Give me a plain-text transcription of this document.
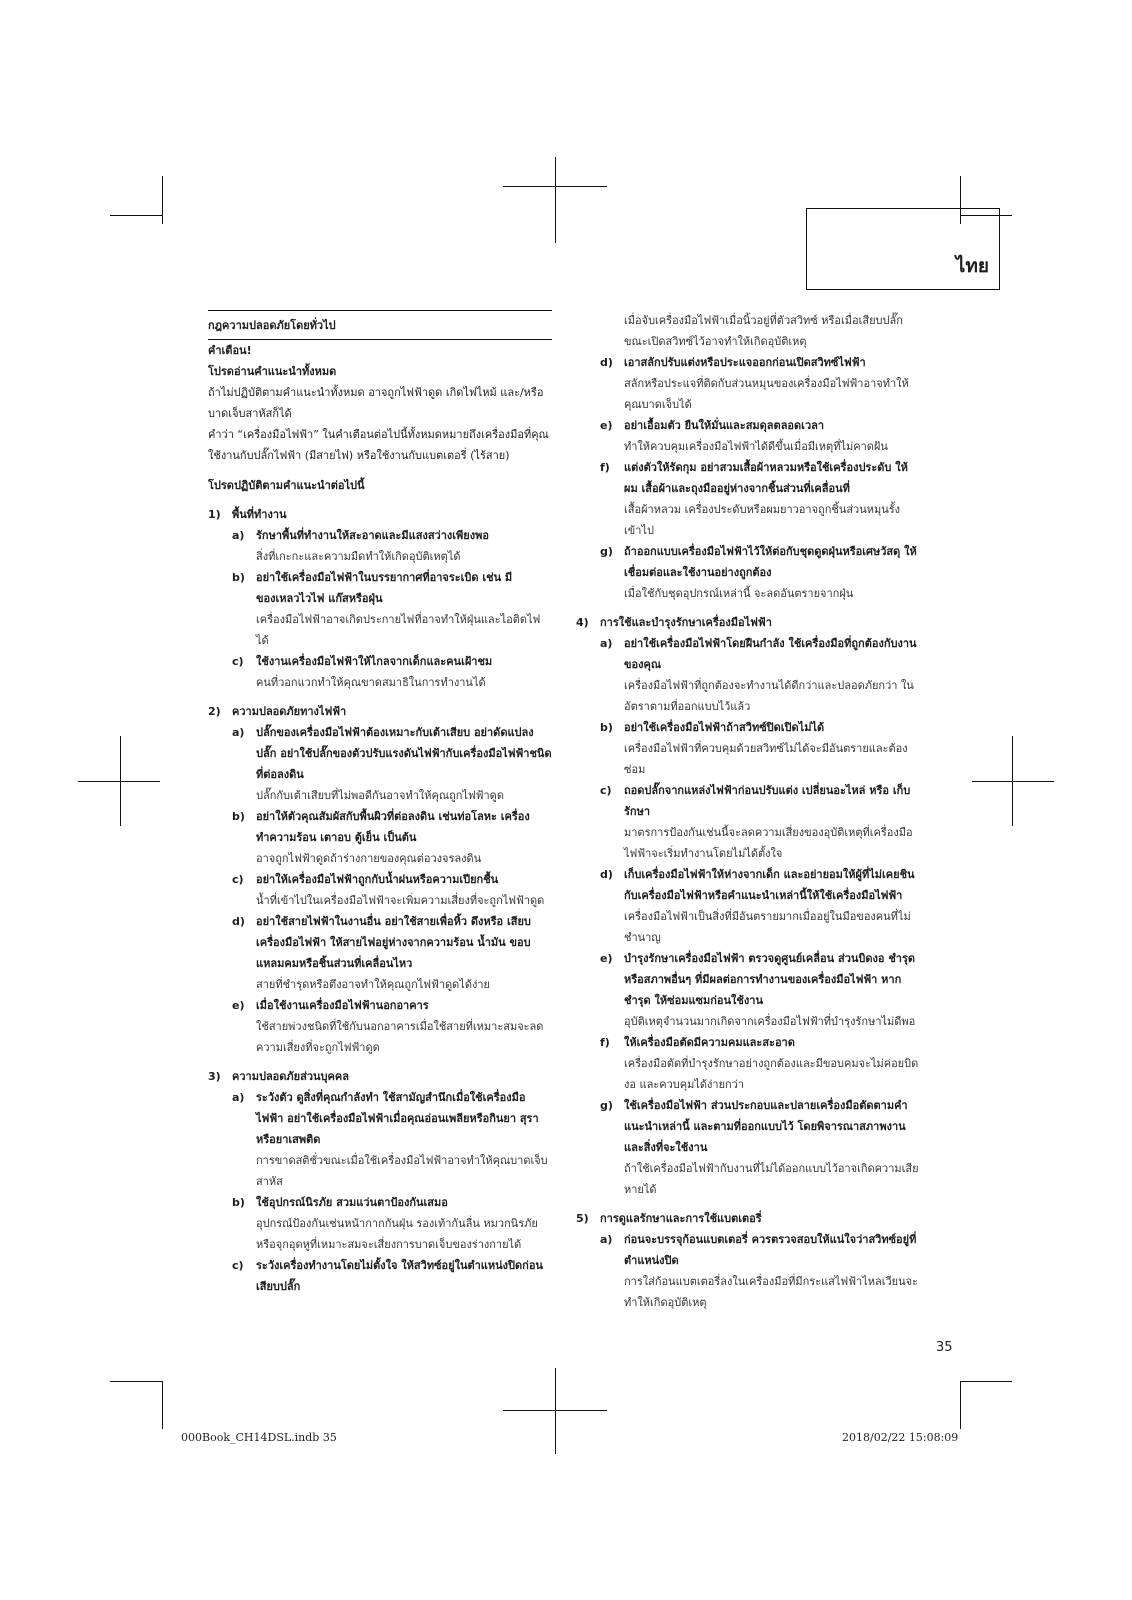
ไทย

กฎความปลอดภัยโดยทั่วไป

คำเตือน!

โปรดอ่านคำแนะนำทั้งหมด

ถ้าไม่ปฏิบัติตามคำแนะนำทั้งหมด อาจถูกไฟฟ้าดูด เกิดไฟไหม้ และ/หรือบาดเจ็บสาหัสก็ได้

คำว่า “เครื่องมือไฟฟ้า” ในคำเตือนต่อไปนี้ทั้งหมดหมายถึงเครื่องมือที่คุณใช้งานกับปลั๊กไฟฟ้า (มีสายไฟ) หรือใช้งานกับแบตเตอรี่ (ไร้สาย)

โปรดปฏิบัติตามคำแนะนำต่อไปนี้

1) พื้นที่ทำงาน

a) รักษาพื้นที่ทำงานให้สะอาดและมีแสงสว่างเพียงพอ

สิ่งที่เกะกะและความมืดทำให้เกิดอุบัติเหตุได้

b) อย่าใช้เครื่องมือไฟฟ้าในบรรยากาศที่อาจระเบิด เช่น มีของเหลวไวไฟ แก๊สหรือฝุ่น

เครื่องมือไฟฟ้าอาจเกิดประกายไฟที่อาจทำให้ฝุ่นและไอติดไฟได้

c) ใช้งานเครื่องมือไฟฟ้าให้ไกลจากเด็กและคนเฝ้าชม

คนที่วอกแวกทำให้คุณขาดสมาธิในการทำงานได้

2) ความปลอดภัยทางไฟฟ้า

a) ปลั๊กของเครื่องมือไฟฟ้าต้องเหมาะกับเต้าเสียบ อย่าดัดแปลงปลั๊ก อย่าใช้ปลั๊กของตัวปรับแรงดันไฟฟ้ากับเครื่องมือไฟฟ้าชนิดที่ต่อลงดิน

ปลั๊กกับเต้าเสียบที่ไม่พอดีกันอาจทำให้คุณถูกไฟฟ้าดูด

b) อย่าให้ตัวคุณสัมผัสกับพื้นผิวที่ต่อลงดิน เช่นท่อโลหะ เครื่องทำความร้อน เตาอบ ตู้เย็น เป็นต้น

อาจถูกไฟฟ้าดูดถ้าร่างกายของคุณต่อวงจรลงดิน

c) อย่าให้เครื่องมือไฟฟ้าถูกกับน้ำฝนหรือความเปียกชื้น

น้ำที่เข้าไปในเครื่องมือไฟฟ้าจะเพิ่มความเสี่ยงที่จะถูกไฟฟ้าดูด

d) อย่าใช้สายไฟฟ้าในงานอื่น อย่าใช้สายเพื่อหิ้ว ดึงหรือ เสียบเครื่องมือไฟฟ้า ให้สายไฟอยู่ห่างจากความร้อน น้ำมัน ขอบแหลมคมหรือชิ้นส่วนที่เคลื่อนไหว

สายที่ชำรุดหรือตึงอาจทำให้คุณถูกไฟฟ้าดูดได้ง่าย

e) เมื่อใช้งานเครื่องมือไฟฟ้านอกอาคาร

ใช้สายพ่วงชนิดที่ใช้กับนอกอาคารเมื่อใช้สายที่เหมาะสมจะลดความเสี่ยงที่จะถูกไฟฟ้าดูด

3) ความปลอดภัยส่วนบุคคล

a) ระวังตัว ดูสิ่งที่คุณกำลังทำ ใช้สามัญสำนึกเมื่อใช้เครื่องมือไฟฟ้า อย่าใช้เครื่องมือไฟฟ้าเมื่อคุณอ่อนเพลียหรือกินยา สุรา หรือยาเสพติด

การขาดสติชั่วขณะเมื่อใช้เครื่องมือไฟฟ้าอาจทำให้คุณบาดเจ็บสาหัส

b) ใช้อุปกรณ์นิรภัย สวมแว่นตาป้องกันเสมอ

อุปกรณ์ป้องกันเช่นหน้ากากกันฝุ่น รองเท้ากันลื่น หมวกนิรภัยหรือจุกอุดหูที่เหมาะสมจะเสี่ยงการบาดเจ็บของร่างกายได้

c) ระวังเครื่องทำงานโดยไม่ตั้งใจ ให้สวิทซ์อยู่ในตำแหน่งปิดก่อนเสียบปลั๊ก

เมื่อจับเครื่องมือไฟฟ้าเมื่อนิ้วอยู่ที่ตัวสวิทซ์ หรือเมื่อเสียบปลั๊กขณะเปิดสวิทซ์ไว้อาจทำให้เกิดอุบัติเหตุ

d) เอาสลักปรับแต่งหรือประแจออกก่อนเปิดสวิทซ์ไฟฟ้า

สลักหรือประแจที่ติดกับส่วนหมุนของเครื่องมือไฟฟ้าอาจทำให้คุณบาดเจ็บได้

e) อย่าเอื้อมตัว ยืนให้มั่นและสมดุลตลอดเวลา

ทำให้ควบคุมเครื่องมือไฟฟ้าได้ดีขึ้นเมื่อมีเหตุที่ไม่คาดฝัน

f) แต่งตัวให้รัดกุม อย่าสวมเสื้อผ้าหลวมหรือใช้เครื่องประดับ ให้ผม เสื้อผ้าและถุงมืออยู่ห่างจากชิ้นส่วนที่เคลื่อนที่

เสื้อผ้าหลวม เครื่องประดับหรือผมยาวอาจถูกชิ้นส่วนหมุนรั้งเข้าไป

g) ถ้าออกแบบเครื่องมือไฟฟ้าไว้ให้ต่อกับชุดดูดฝุ่นหรือเศษวัสดุ ให้เชื่อมต่อและใช้งานอย่างถูกต้อง

เมื่อใช้กับชุดอุปกรณ์เหล่านี้ จะลดอันตรายจากฝุ่น

4) การใช้และบำรุงรักษาเครื่องมือไฟฟ้า

a) อย่าใช้เครื่องมือไฟฟ้าโดยฝืนกำลัง ใช้เครื่องมือที่ถูกต้องกับงานของคุณ

เครื่องมือไฟฟ้าที่ถูกต้องจะทำงานได้ดีกว่าและปลอดภัยกว่า ในอัตราตามที่ออกแบบไว้แล้ว

b) อย่าใช้เครื่องมือไฟฟ้าถ้าสวิทซ์ปิดเปิดไม่ได้

เครื่องมือไฟฟ้าที่ควบคุมด้วยสวิทซ์ไม่ได้จะมีอันตรายและต้องซ่อม

c) ถอดปลั๊กจากแหล่งไฟฟ้าก่อนปรับแต่ง เปลี่ยนอะไหล่ หรือ เก็บรักษา

มาตรการป้องกันเช่นนี้จะลดความเสี่ยงของอุบัติเหตุที่เครื่องมือไฟฟ้าจะเริ่มทำงานโดยไม่ได้ตั้งใจ

d) เก็บเครื่องมือไฟฟ้าให้ห่างจากเด็ก และอย่ายอมให้ผู้ที่ไม่เคยชินกับเครื่องมือไฟฟ้าหรือคำแนะนำเหล่านี้ให้ใช้เครื่องมือไฟฟ้า

เครื่องมือไฟฟ้าเป็นสิ่งที่มีอันตรายมากเมื่ออยู่ในมือของคนที่ไม่ชำนาญ

e) บำรุงรักษาเครื่องมือไฟฟ้า ตรวจดูศูนย์เคลื่อน ส่วนบิดงอ ชำรุดหรือสภาพอื่นๆ ที่มีผลต่อการทำงานของเครื่องมือไฟฟ้า หากชำรุด ให้ซ่อมแซมก่อนใช้งาน

อุบัติเหตุจำนวนมากเกิดจากเครื่องมือไฟฟ้าที่บำรุงรักษาไม่ดีพอ

f) ให้เครื่องมือตัดมีความคมและสะอาด

เครื่องมือตัดที่บำรุงรักษาอย่างถูกต้องและมีขอบคมจะไม่ค่อยบิดงอ และควบคุมได้ง่ายกว่า

g) ใช้เครื่องมือไฟฟ้า ส่วนประกอบและปลายเครื่องมือตัดตามคำแนะนำเหล่านี้ และตามที่ออกแบบไว้ โดยพิจารณาสภาพงานและสิ่งที่จะใช้งาน

ถ้าใช้เครื่องมือไฟฟ้ากับงานที่ไม่ได้ออกแบบไว้อาจเกิดความเสียหายได้

5) การดูแลรักษาและการใช้แบตเตอรี่

a) ก่อนจะบรรจุก้อนแบตเตอรี่ ควรตรวจสอบให้แน่ใจว่าสวิทซ์อยู่ที่ตำแหน่งปิด

การใส่ก้อนแบตเตอรี่ลงในเครื่องมือที่มีกระแสไฟฟ้าไหลเวียนจะทำให้เกิดอุบัติเหตุ

35
000Book_CH14DSL.indb 35	2018/02/22 15:08:09
